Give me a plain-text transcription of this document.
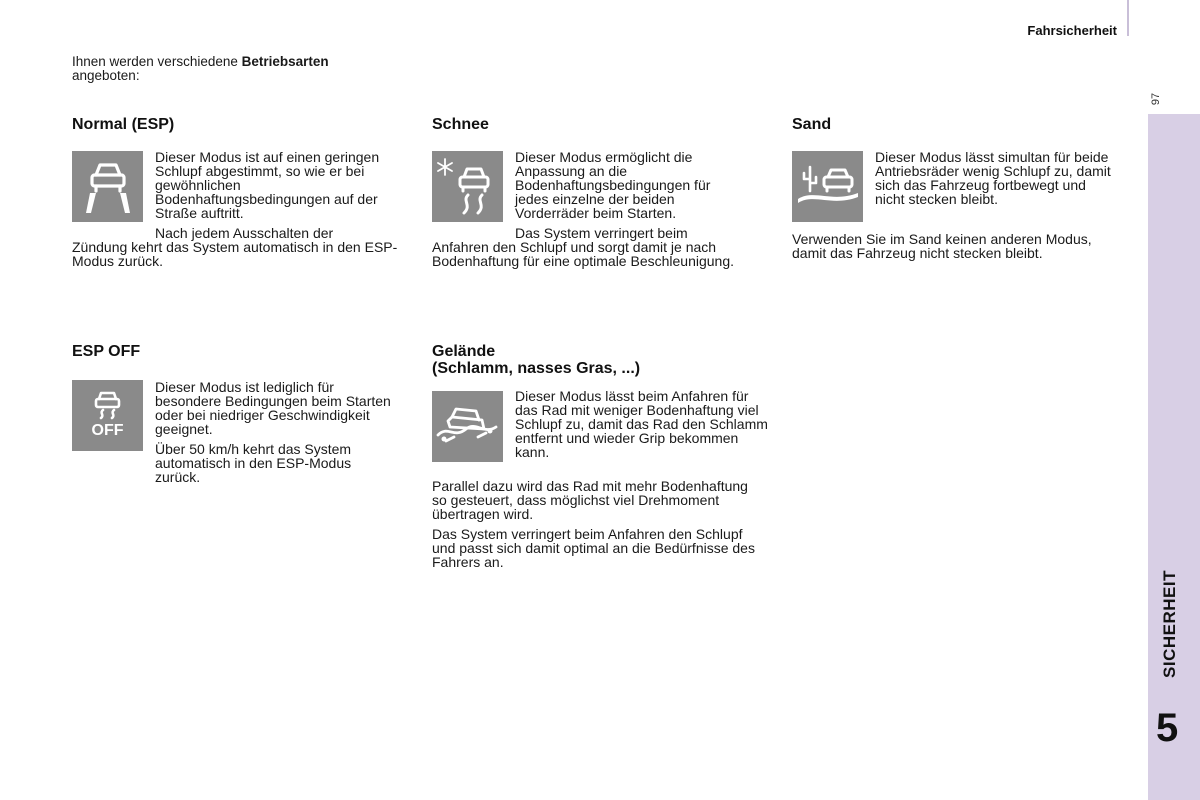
Fahrsicherheit
97
SICHERHEIT
5
Ihnen werden verschiedene Betriebsarten
angeboten:
Normal (ESP)

Dieser Modus ist auf einen geringen Schlupf abgestimmt, so wie er bei gewöhnlichen Bodenhaftungsbedingungen auf der Straße auftritt.

Nach jedem Ausschalten der

Zündung kehrt das System automatisch in den ESP-Modus zurück.
Schnee

Dieser Modus ermöglicht die Anpassung an die Bodenhaftungsbedingungen für jedes einzelne der beiden Vorderräder beim Starten.

Das System verringert beim

Anfahren den Schlupf und sorgt damit je nach Bodenhaftung für eine optimale Beschleunigung.
Sand

Dieser Modus lässt simultan für beide Antriebsräder wenig Schlupf zu, damit sich das Fahrzeug fortbewegt und nicht stecken bleibt.

Verwenden Sie im Sand keinen anderen Modus, damit das Fahrzeug nicht stecken bleibt.
ESP OFF
OFF

Dieser Modus ist lediglich für besondere Bedingungen beim Starten oder bei niedriger Geschwindigkeit geeignet.

Über 50 km/h kehrt das System automatisch in den ESP-Modus zurück.

Gelände
(Schlamm, nasses Gras, ...)

Dieser Modus lässt beim Anfahren für das Rad mit weniger Bodenhaftung viel Schlupf zu, damit das Rad den Schlamm entfernt und wieder Grip bekommen kann.

Parallel dazu wird das Rad mit mehr Bodenhaftung so gesteuert, dass möglichst viel Drehmoment übertragen wird.

Das System verringert beim Anfahren den Schlupf und passt sich damit optimal an die Bedürfnisse des Fahrers an.
